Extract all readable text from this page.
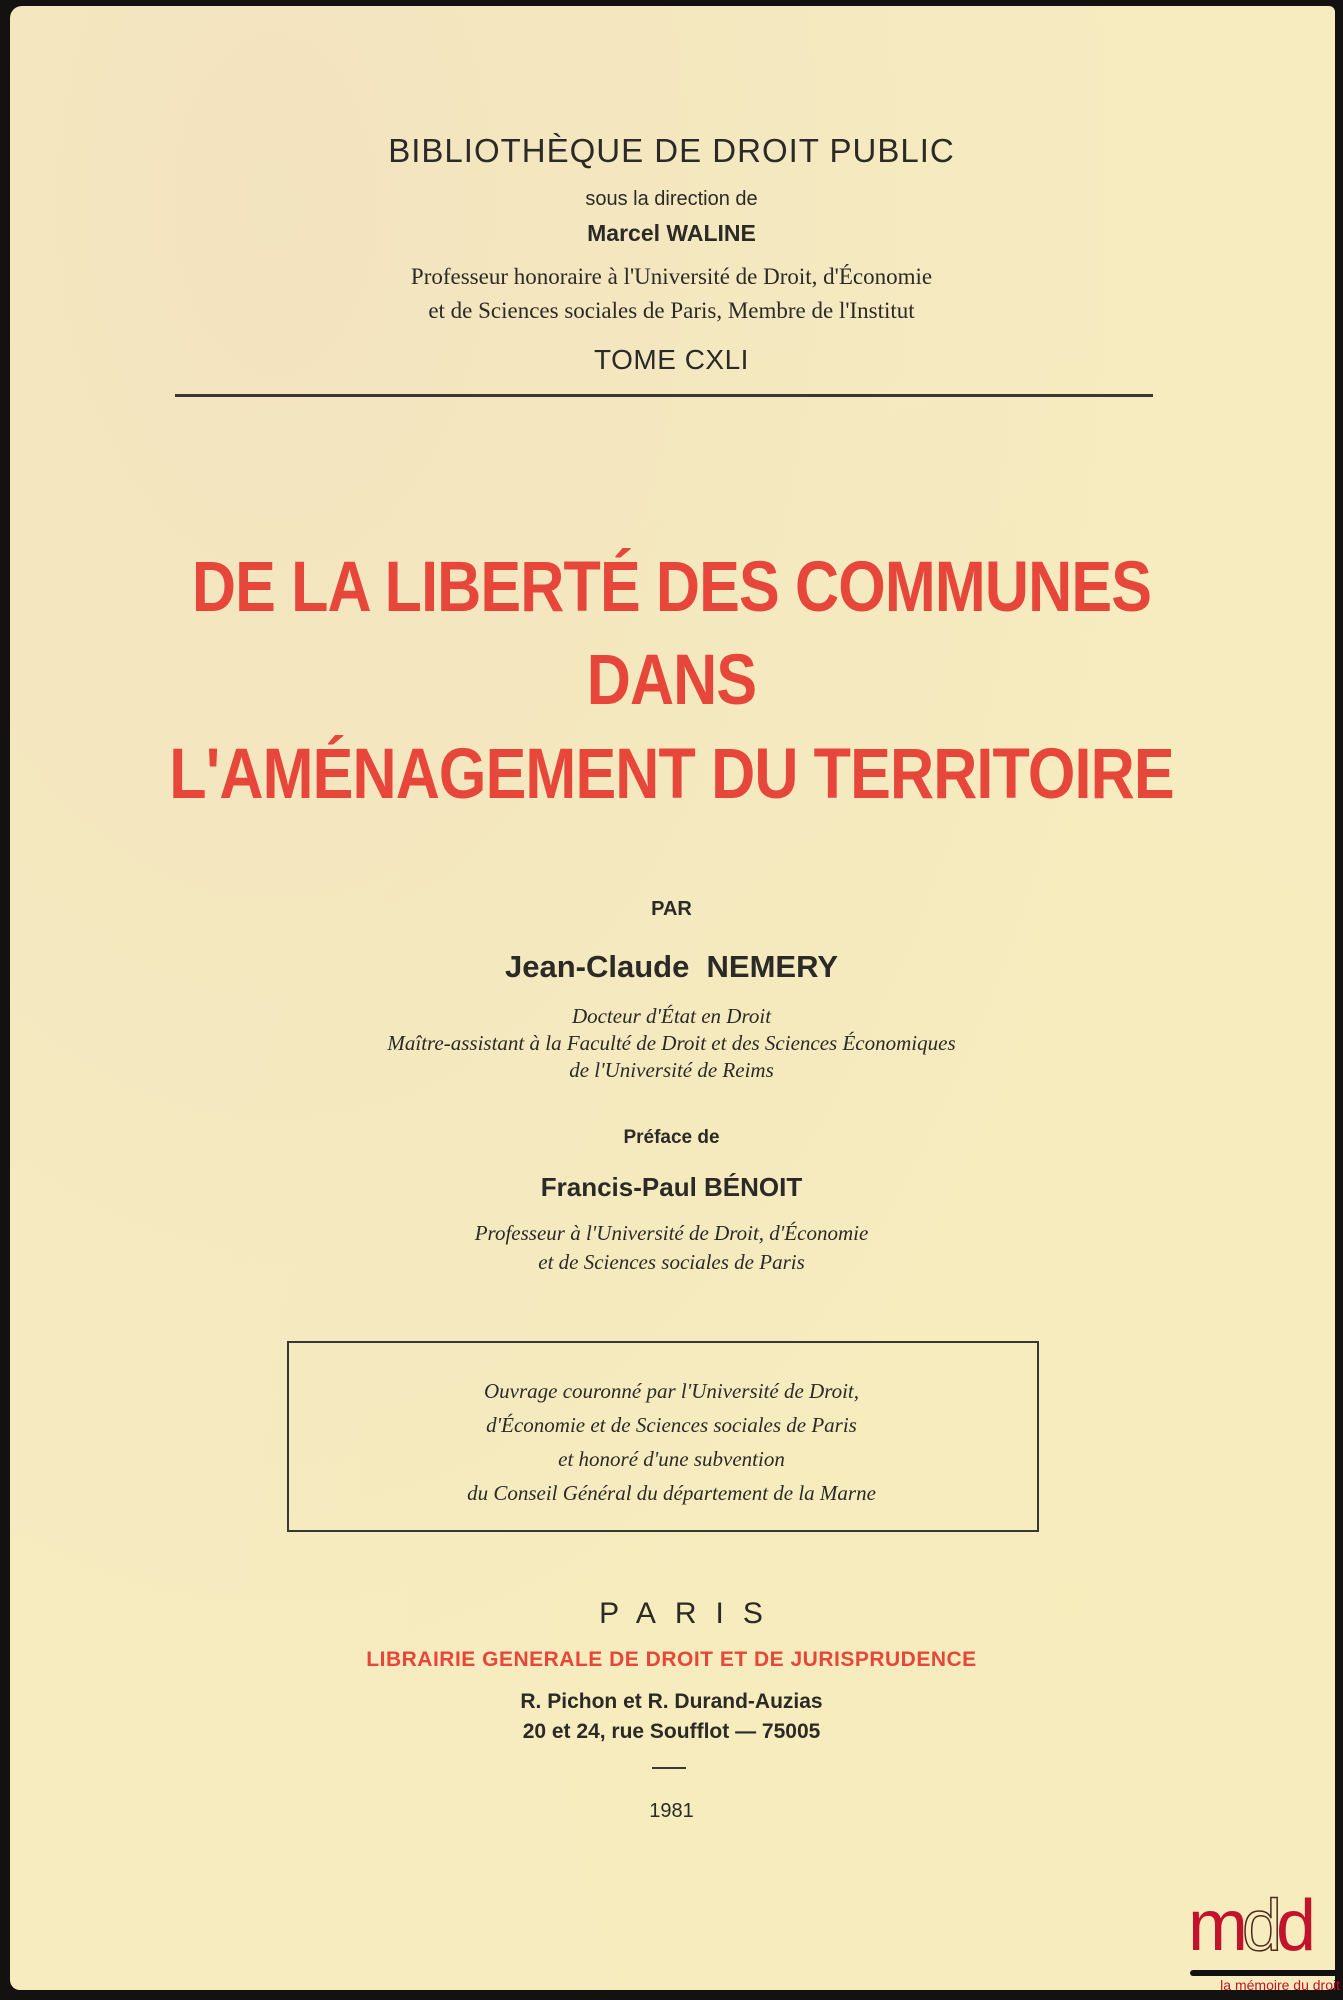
BIBLIOTHÈQUE DE DROIT PUBLIC
sous la direction de
Marcel WALINE
Professeur honoraire à l'Université de Droit, d'Économie
et de Sciences sociales de Paris, Membre de l'Institut
TOME CXLI
DE LA LIBERTÉ DES COMMUNES
DANS
L'AMÉNAGEMENT DU TERRITOIRE
PAR
Jean-Claude  NEMERY
Docteur d'État en Droit
Maître-assistant à la Faculté de Droit et des Sciences Économiques
de l'Université de Reims
Préface de
Francis-Paul BÉNOIT
Professeur à l'Université de Droit, d'Économie
et de Sciences sociales de Paris
Ouvrage couronné par l'Université de Droit,
d'Économie et de Sciences sociales de Paris
et honoré d'une subvention
du Conseil Général du département de la Marne
PARIS
LIBRAIRIE GENERALE DE DROIT ET DE JURISPRUDENCE
R. Pichon et R. Durand-Auzias
20 et 24, rue Soufflot — 75005
1981
mdd
la mémoire du droit
